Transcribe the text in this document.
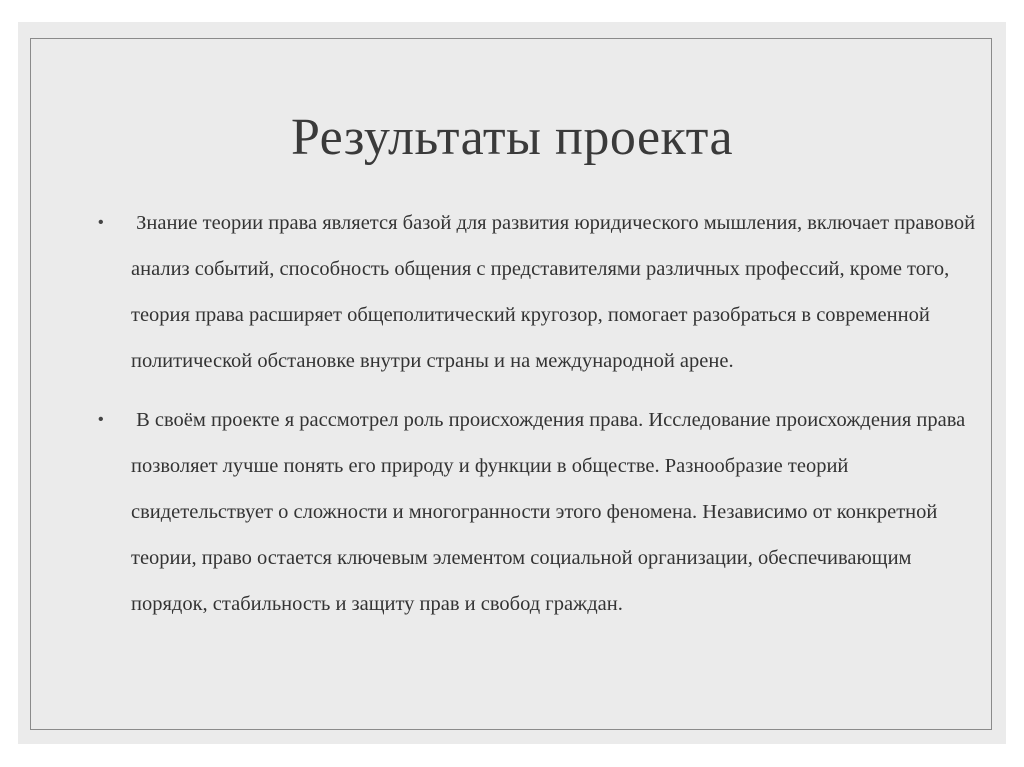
Результаты проекта
• Знание теории права является базой для развития юридического мышления, включает правовой анализ событий, способность общения с представителями различных профессий, кроме того, теория права расширяет общеполитический кругозор, помогает разобраться в современной политической обстановке внутри страны и на международной арене.
• В своём проекте я рассмотрел роль происхождения права. Исследование происхождения права позволяет лучше понять его природу и функции в обществе. Разнообразие теорий свидетельствует о сложности и многогранности этого феномена. Независимо от конкретной теории, право остается ключевым элементом социальной организации, обеспечивающим порядок, стабильность и защиту прав и свобод граждан.
